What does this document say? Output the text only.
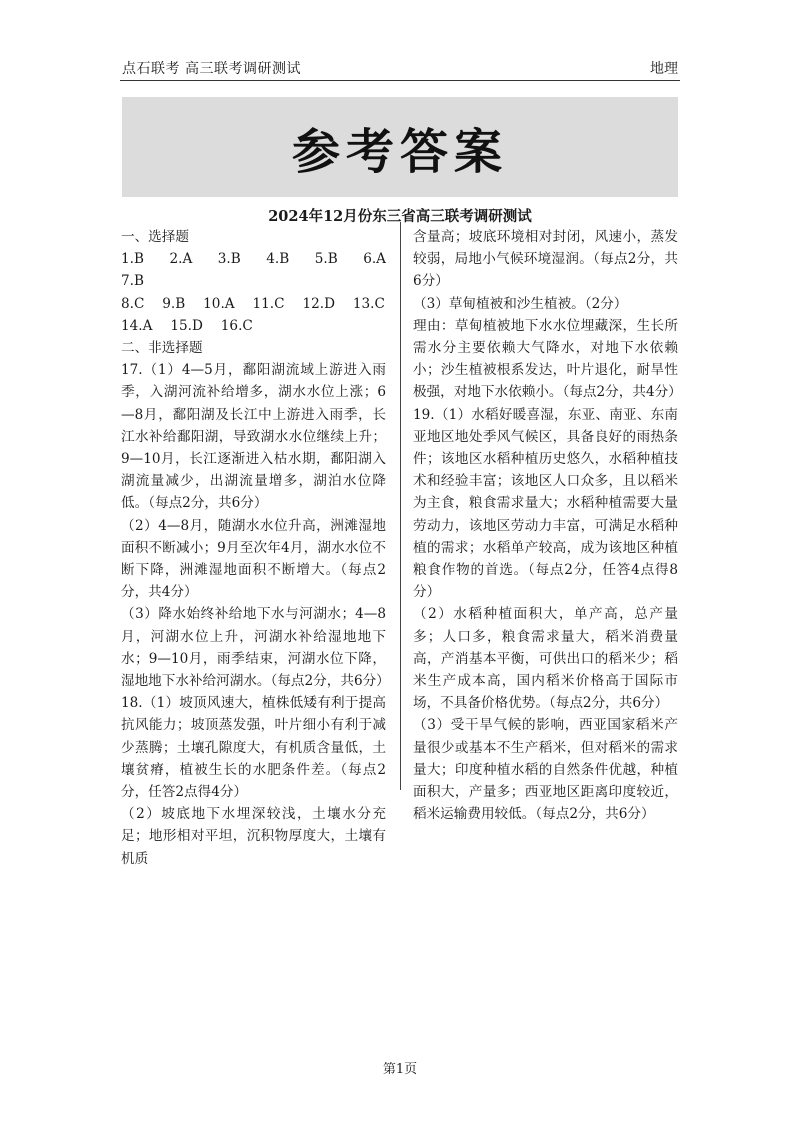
点石联考 高三联考调研测试	地理
参考答案
2024年12月份东三省高三联考调研测试

一、选择题

1.B　 2.A　 3.B　 4.B　 5.B　 6.A　 7.B

8.C　 9.B　 10.A　 11.C　 12.D　 13.C

14.A　 15.D　 16.C

二、非选择题

17.（1）4—5月，鄱阳湖流域上游进入雨季，入湖河流补给增多，湖水水位上涨；6—8月，鄱阳湖及长江中上游进入雨季，长江水补给鄱阳湖，导致湖水水位继续上升；9—10月，长江逐渐进入枯水期，鄱阳湖入湖流量减少，出湖流量增多，湖泊水位降低。（每点2分，共6分）

（2）4—8月，随湖水水位升高，洲滩湿地面积不断减小；9月至次年4月，湖水水位不断下降，洲滩湿地面积不断增大。（每点2分，共4分）

（3）降水始终补给地下水与河湖水；4—8月，河湖水位上升，河湖水补给湿地地下水；9—10月，雨季结束，河湖水位下降，湿地地下水补给河湖水。（每点2分，共6分）

18.（1）坡顶风速大，植株低矮有利于提高抗风能力；坡顶蒸发强，叶片细小有利于减少蒸腾；土壤孔隙度大，有机质含量低，土壤贫瘠，植被生长的水肥条件差。（每点2分，任答2点得4分）

（2）坡底地下水埋深较浅，土壤水分充足；地形相对平坦，沉积物厚度大，土壤有机质

含量高；坡底环境相对封闭，风速小，蒸发较弱，局地小气候环境湿润。（每点2分，共6分）

（3）草甸植被和沙生植被。（2分）

理由：草甸植被地下水水位埋藏深，生长所需水分主要依赖大气降水，对地下水依赖小；沙生植被根系发达，叶片退化，耐旱性极强，对地下水依赖小。（每点2分，共4分）

19.（1）水稻好暖喜湿，东亚、南亚、东南亚地区地处季风气候区，具备良好的雨热条件；该地区水稻种植历史悠久，水稻种植技术和经验丰富；该地区人口众多，且以稻米为主食，粮食需求量大；水稻种植需要大量劳动力，该地区劳动力丰富，可满足水稻种植的需求；水稻单产较高，成为该地区种植粮食作物的首选。（每点2分，任答4点得8分）

（2）水稻种植面积大，单产高，总产量多；人口多，粮食需求量大，稻米消费量高，产消基本平衡，可供出口的稻米少；稻米生产成本高，国内稻米价格高于国际市场，不具备价格优势。（每点2分，共6分）

（3）受干旱气候的影响，西亚国家稻米产量很少或基本不生产稻米，但对稻米的需求量大；印度种植水稻的自然条件优越，种植面积大，产量多；西亚地区距离印度较近，稻米运输费用较低。（每点2分，共6分）

第1页
